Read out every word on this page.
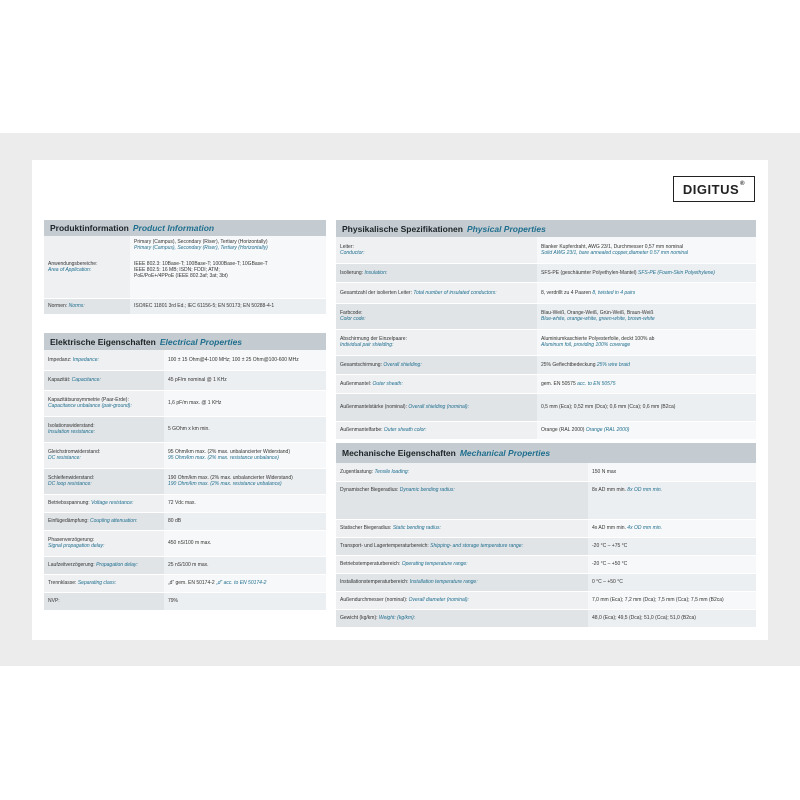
DIGITUS®
Produktinformation Product Information
Anwendungsbereiche:
Area of Application:	Primary (Campus), Secondary (Riser), Tertiary (Horizontally)
Primary (Campus), Secondary (Riser), Tertiary (Horizontally)
IEEE 802.3: 10Base-T; 100Base-T; 1000Base-T; 10GBase-T
IEEE 802.5: 16 MB; ISDN; FDDI; ATM;
PoE/PoE+/4PPoE (IEEE 802.3af; 3at; 3bt)

Normen: Norms:	ISO/IEC 11801 3rd Ed.; IEC 61156-5; EN 50173; EN 50288-4-1
Elektrische Eigenschaften Electrical Properties
Impedanz: Impedance:	100 ± 15 Ohm@4-100 MHz; 100 ± 25 Ohm@100-600 MHz
Kapazität: Capacitance:	45 pF/m nominal @ 1 KHz

Kapazitätsunsymmetrie (Paar-Erde):
Capacitance unbalance (pair-ground):	1,6 pF/m max. @ 1 KHz

Isolationswiderstand:
Insulation resistance:	5 GOhm x km min.

Gleichstromwiderstand:
DC resistance:	95 Ohm/km max. (2% max. unbalancierter Widerstand)
95 Ohm/km max. (2% max. resistance unbalance)

Schleifenwiderstand:
DC loop resistance:	190 Ohm/km max. (2% max. unbalancierter Widerstand)
190 Ohm/km max. (2% max. resistance unbalance)

Betriebsspannung: Voltage resistance:	72 Vdc max.
Einfügedämpfung: Coupling attenuation:	80 dB

Phasenverzögerung:
Signal propagation delay:	450 nS/100 m max.
Laufzeitverzögerung: Propagation delay:	25 nS/100 m max.
Trennklasse: Separating class:	„d“ gem. EN 50174-2 „d“ acc. to EN 50174-2
NVP:	79%
Physikalische Spezifikationen Physical Properties
Leiter:
Conductor:	Blanker Kupferdraht, AWG 23/1, Durchmesser 0,57 mm nominal
Solid AWG 23/1, bare annealed copper,diameter 0.57 mm nominal

Isolierung: Insulation:	SFS-PE (geschäumter Polyethylen-Mantel) SFS-PE (Foam-Skin Polyethylene)
Gesamtzahl der isolierten Leiter: Total number of insulated conductors:	8, verdrillt zu 4 Paaren 8, twisted in 4 pairs

Farbcode:
Color code:	Blau-Weiß, Orange-Weiß, Grün-Weiß, Braun-Weiß
Blue-white, orange-white, green-white, brown-white

Abschirmung der Einzelpaare:
Individual pair shielding:	Aluminiumkaschierte Polyesterfolie, deckt 100% ab
Aluminum foil, providing 100% coverage

Gesamtschirmung: Overall shielding:	25% Geflechtbedeckung 25% wire braid
Außenmantel: Outer sheath:	gem. EN 50575 acc. to EN 50575
Außenmantelstärke (nominal): Overall shielding (nominal):	0,5 mm (Eca); 0,52 mm (Dca); 0,6 mm (Cca); 0,6 mm (B2ca)
Außenmantelfarbe: Outer sheath color:	Orange (RAL 2000) Orange (RAL 2000)
Mechanische Eigenschaften Mechanical Properties
Zugentlastung: Tensile loading:	150 N max
Dynamischer Biegeradius: Dynamic bending radius:	8x AD mm min. 8x OD mm min.
Statischer Biegeradius: Static bending radius:	4x AD mm min. 4x OD mm min.
Transport- und Lagertemperaturbereich: Shipping- and storage temperature range:	-20 °C – +75 °C
Betriebstemperaturbereich: Operating temperature range:	-20 °C – +50 °C
Installationstemperaturbereich: Installation temperature range:	0 °C – +50 °C
Außendurchmesser (nominal): Overall diameter (nominal):	7,0 mm (Eca); 7,2 mm (Dca); 7,5 mm (Cca); 7,5 mm (B2ca)
Gewicht (kg/km): Weight: (kg/km):	48,0 (Eca); 49,5 (Dca); 51,0 (Cca); 51,0 (B2ca)
